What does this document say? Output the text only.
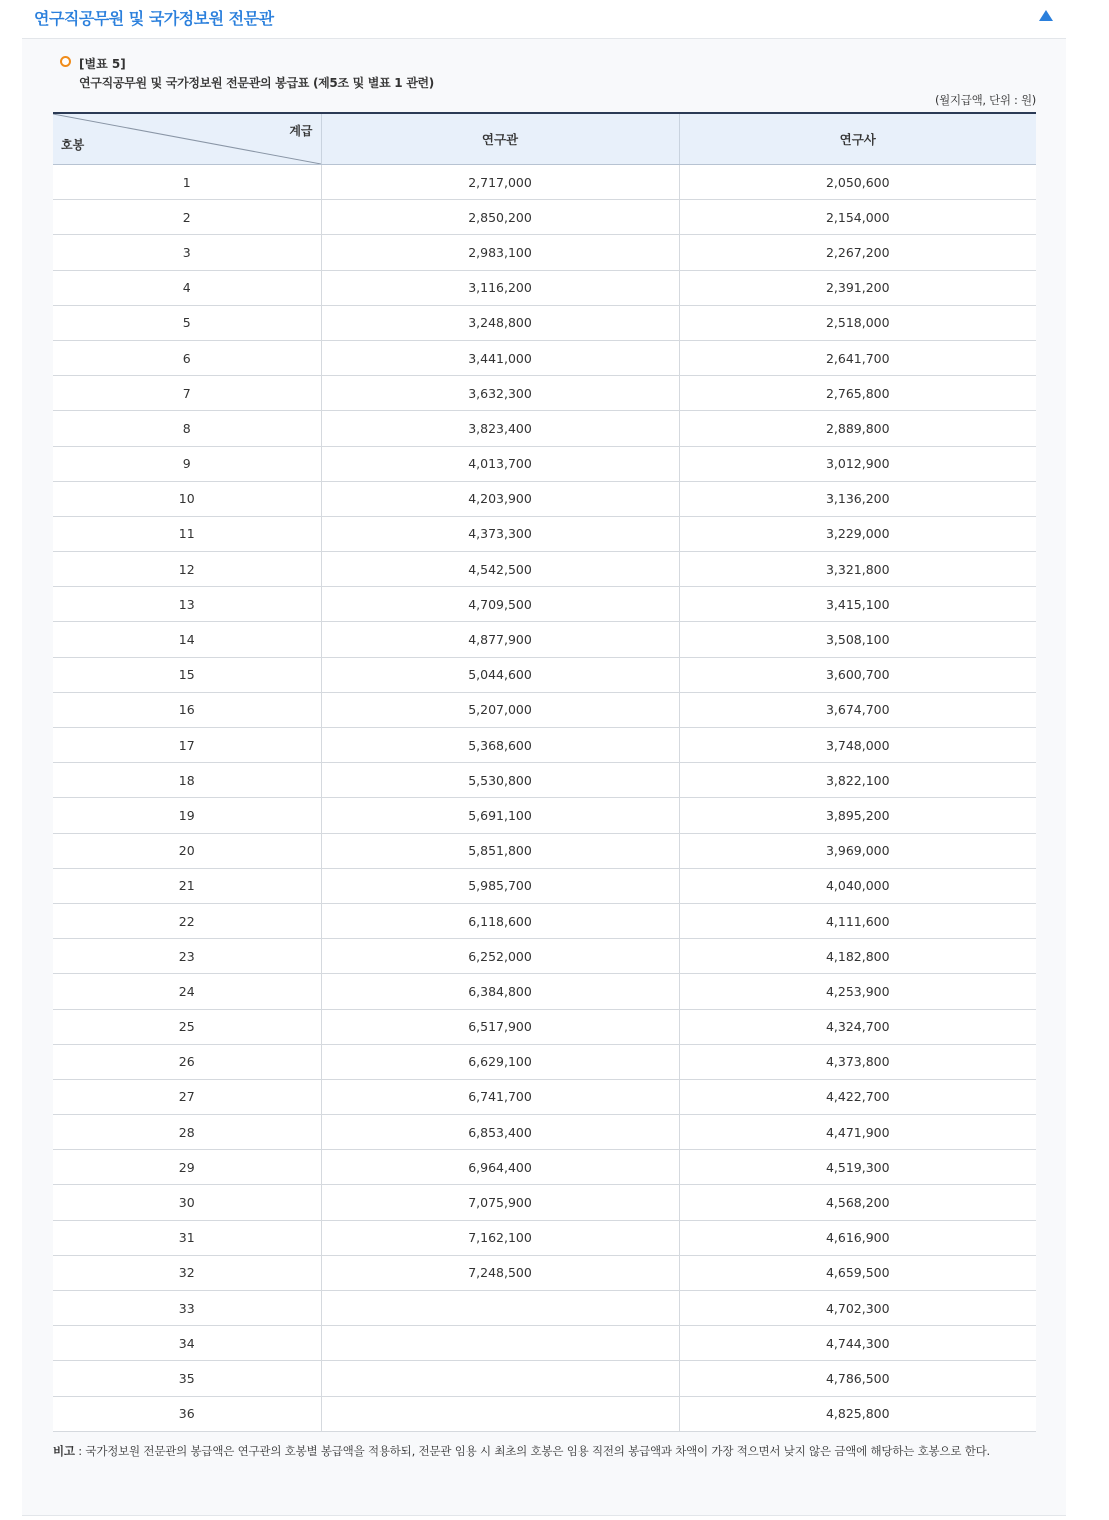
연구직공무원 및 국가정보원 전문관
[별표 5]
연구직공무원 및 국가정보원 전문관의 봉급표 (제5조 및 별표 1 관련)
(월지급액, 단위 : 원)
계급
호봉	연구관	연구사
1	2,717,000	2,050,600
2	2,850,200	2,154,000
3	2,983,100	2,267,200
4	3,116,200	2,391,200
5	3,248,800	2,518,000
6	3,441,000	2,641,700
7	3,632,300	2,765,800
8	3,823,400	2,889,800
9	4,013,700	3,012,900
10	4,203,900	3,136,200
11	4,373,300	3,229,000
12	4,542,500	3,321,800
13	4,709,500	3,415,100
14	4,877,900	3,508,100
15	5,044,600	3,600,700
16	5,207,000	3,674,700
17	5,368,600	3,748,000
18	5,530,800	3,822,100
19	5,691,100	3,895,200
20	5,851,800	3,969,000
21	5,985,700	4,040,000
22	6,118,600	4,111,600
23	6,252,000	4,182,800
24	6,384,800	4,253,900
25	6,517,900	4,324,700
26	6,629,100	4,373,800
27	6,741,700	4,422,700
28	6,853,400	4,471,900
29	6,964,400	4,519,300
30	7,075,900	4,568,200
31	7,162,100	4,616,900
32	7,248,500	4,659,500
33		4,702,300
34		4,744,300
35		4,786,500
36		4,825,800
비고 : 국가정보원 전문관의 봉급액은 연구관의 호봉별 봉급액을 적용하되, 전문관 임용 시 최초의 호봉은 임용 직전의 봉급액과 차액이 가장 적으면서 낮지 않은 금액에 해당하는 호봉으로 한다.
